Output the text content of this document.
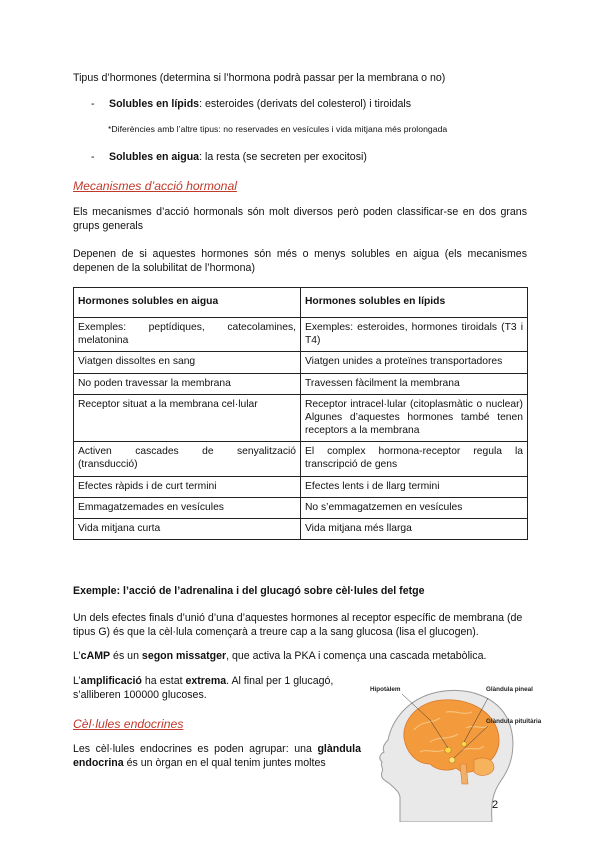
Tipus d’hormones (determina si l’hormona podrà passar per la membrana o no)
-	Solubles en lípids: esteroides (derivats del colesterol) i tiroidals
*Diferències amb l’altre tipus: no reservades en vesícules i vida mitjana més prolongada
-	Solubles en aigua: la resta (se secreten per exocitosi)
Mecanismes d’acció hormonal
Els mecanismes d’acció hormonals són molt diversos però poden classificar-se en dos grans grups generals
Depenen de si aquestes hormones són més o menys solubles en aigua (els mecanismes depenen de la solubilitat de l’hormona)
Hormones solubles en aigua	Hormones solubles en lípids
Exemples: peptídiques, catecolamines, melatonina	Exemples: esteroides, hormones tiroidals (T3 i T4)
Viatgen dissoltes en sang	Viatgen unides a proteïnes transportadores
No poden travessar la membrana	Travessen fàcilment la membrana
Receptor situat a la membrana cel·lular	Receptor intracel·lular (citoplasmàtic o nuclear) Algunes d’aquestes hormones també tenen receptors a la membrana
Activen cascades de senyalització (transducció)	El complex hormona-receptor regula la transcripció de gens
Efectes ràpids i de curt termini	Efectes lents i de llarg termini
Emmagatzemades en vesícules	No s’emmagatzemen en vesícules
Vida mitjana curta	Vida mitjana més llarga
Exemple: l’acció de l’adrenalina i del glucagó sobre cèl·lules del fetge
Un dels efectes finals d’unió d’una d’aquestes hormones al receptor específic de membrana (de tipus G) és que la cèl·lula començarà a treure cap a la sang glucosa (lisa el glucogen).
L’cAMP és un segon missatger, que activa la PKA i comença una cascada metabòlica.
L’amplificació ha estat extrema. Al final per 1 glucagó, s’alliberen 100000 glucoses.
Cèl·lules endocrines
Les cèl·lules endocrines es poden agrupar: una glàndula endocrina és un òrgan en el qual tenim juntes moltes
Hipotàlem	Glàndula pineal
Glàndula pituïtària
2
